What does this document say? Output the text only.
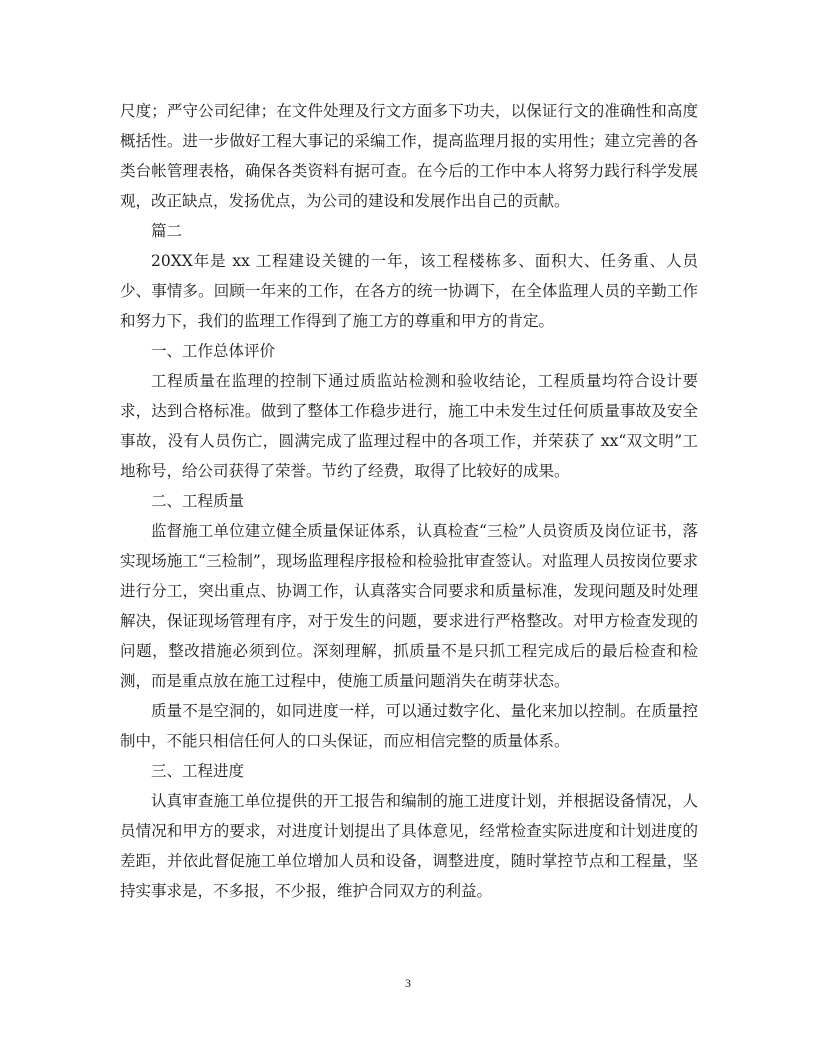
尺度；严守公司纪律；在文件处理及行文方面多下功夫，以保证行文的准确性和高度概括性。进一步做好工程大事记的采编工作，提高监理月报的实用性；建立完善的各类台帐管理表格，确保各类资料有据可查。在今后的工作中本人将努力践行科学发展观，改正缺点，发扬优点，为公司的建设和发展作出自己的贡献。

篇二

20XX年是 xx 工程建设关键的一年，该工程楼栋多、面积大、任务重、人员少、事情多。回顾一年来的工作，在各方的统一协调下，在全体监理人员的辛勤工作和努力下，我们的监理工作得到了施工方的尊重和甲方的肯定。

一、工作总体评价

工程质量在监理的控制下通过质监站检测和验收结论，工程质量均符合设计要求，达到合格标准。做到了整体工作稳步进行，施工中未发生过任何质量事故及安全事故，没有人员伤亡，圆满完成了监理过程中的各项工作，并荣获了 xx“双文明”工地称号，给公司获得了荣誉。节约了经费，取得了比较好的成果。

二、工程质量

监督施工单位建立健全质量保证体系，认真检查“三检”人员资质及岗位证书，落实现场施工“三检制”，现场监理程序报检和检验批审查签认。对监理人员按岗位要求进行分工，突出重点、协调工作，认真落实合同要求和质量标准，发现问题及时处理解决，保证现场管理有序，对于发生的问题，要求进行严格整改。对甲方检查发现的问题，整改措施必须到位。深刻理解，抓质量不是只抓工程完成后的最后检查和检测，而是重点放在施工过程中，使施工质量问题消失在萌芽状态。

质量不是空洞的，如同进度一样，可以通过数字化、量化来加以控制。在质量控制中，不能只相信任何人的口头保证，而应相信完整的质量体系。

三、工程进度

认真审查施工单位提供的开工报告和编制的施工进度计划，并根据设备情况，人员情况和甲方的要求，对进度计划提出了具体意见，经常检查实际进度和计划进度的差距，并依此督促施工单位增加人员和设备，调整进度，随时掌控节点和工程量，坚持实事求是，不多报，不少报，维护合同双方的利益。

3
